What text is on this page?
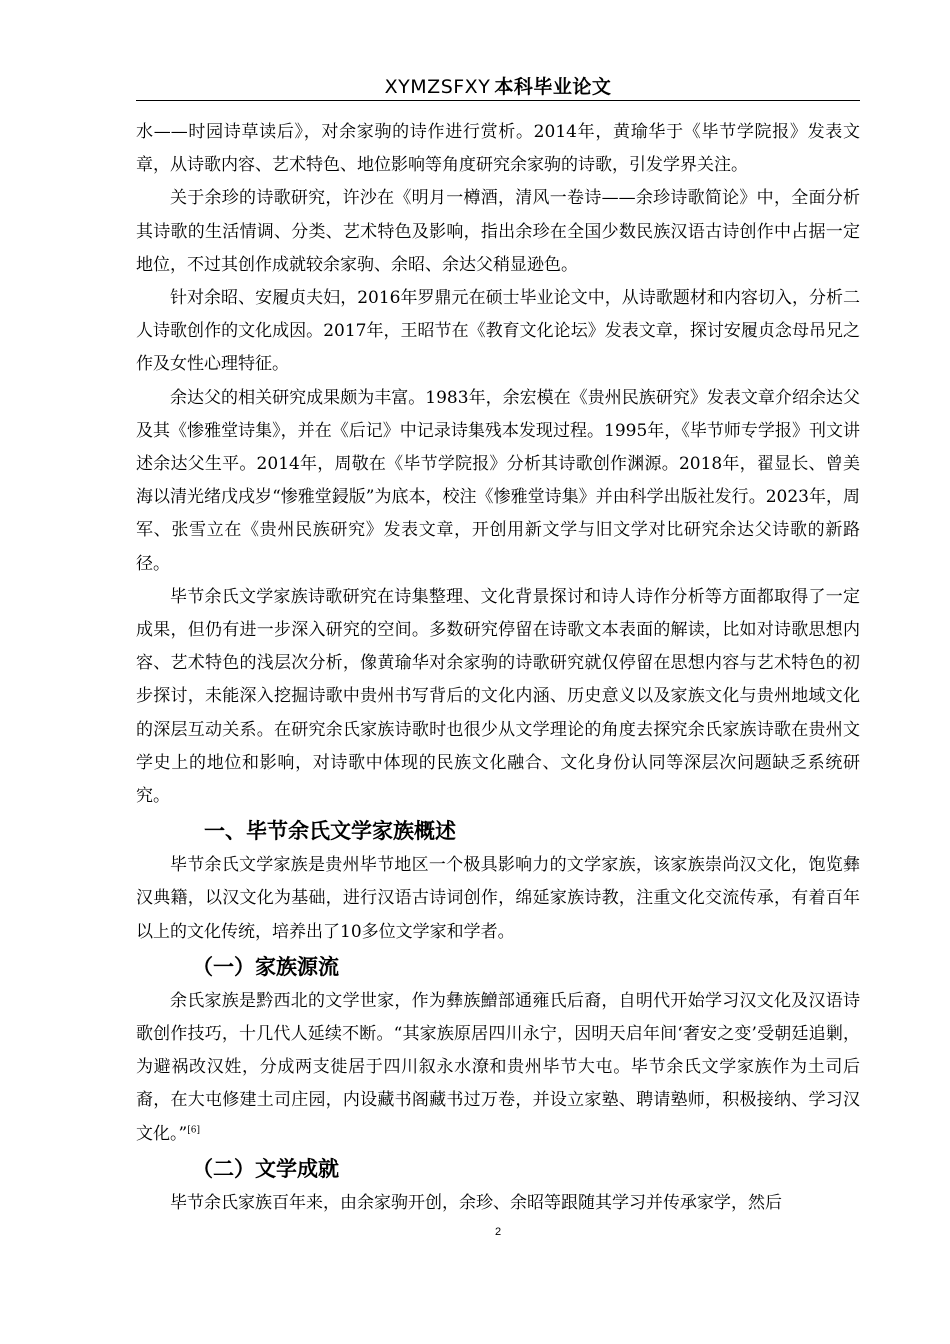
XYMZSFXY 本科毕业论文

水——时园诗草读后》，对余家驹的诗作进行赏析。2014年，黄瑜华于《毕节学院报》发表文章，从诗歌内容、艺术特色、地位影响等角度研究余家驹的诗歌，引发学界关注。

关于余珍的诗歌研究，许沙在《明月一樽酒，清风一卷诗——余珍诗歌简论》中，全面分析其诗歌的生活情调、分类、艺术特色及影响，指出余珍在全国少数民族汉语古诗创作中占据一定地位，不过其创作成就较余家驹、余昭、余达父稍显逊色。

针对余昭、安履贞夫妇，2016年罗鼎元在硕士毕业论文中，从诗歌题材和内容切入，分析二人诗歌创作的文化成因。2017年，王昭节在《教育文化论坛》发表文章，探讨安履贞念母吊兄之作及女性心理特征。

余达父的相关研究成果颇为丰富。1983年，余宏模在《贵州民族研究》发表文章介绍余达父及其《惨雅堂诗集》，并在《后记》中记录诗集残本发现过程。1995年，《毕节师专学报》刊文讲述余达父生平。2014年，周敬在《毕节学院报》分析其诗歌创作渊源。2018年，翟显长、曾美海以清光绪戊戌岁“惨雅堂鋟版”为底本，校注《惨雅堂诗集》并由科学出版社发行。2023年，周军、张雪立在《贵州民族研究》发表文章，开创用新文学与旧文学对比研究余达父诗歌的新路径。

毕节余氏文学家族诗歌研究在诗集整理、文化背景探讨和诗人诗作分析等方面都取得了一定成果，但仍有进一步深入研究的空间。多数研究停留在诗歌文本表面的解读，比如对诗歌思想内容、艺术特色的浅层次分析，像黄瑜华对余家驹的诗歌研究就仅停留在思想内容与艺术特色的初步探讨，未能深入挖掘诗歌中贵州书写背后的文化内涵、历史意义以及家族文化与贵州地域文化的深层互动关系。在研究余氏家族诗歌时也很少从文学理论的角度去探究余氏家族诗歌在贵州文学史上的地位和影响，对诗歌中体现的民族文化融合、文化身份认同等深层次问题缺乏系统研究。

一、毕节余氏文学家族概述

毕节余氏文学家族是贵州毕节地区一个极具影响力的文学家族，该家族崇尚汉文化，饱览彝汉典籍，以汉文化为基础，进行汉语古诗词创作，绵延家族诗教，注重文化交流传承，有着百年以上的文化传统，培养出了10多位文学家和学者。

（一）家族源流

余氏家族是黔西北的文学世家，作为彝族鱛部通雍氏后裔，自明代开始学习汉文化及汉语诗歌创作技巧，十几代人延续不断。“其家族原居四川永宁，因明天启年间‘奢安之变’受朝廷追剿，为避祸改汉姓，分成两支徙居于四川叙永水潦和贵州毕节大屯。毕节余氏文学家族作为土司后裔，在大屯修建土司庄园，内设藏书阁藏书过万卷，并设立家塾、聘请塾师，积极接纳、学习汉文化。”[6]

（二）文学成就

毕节余氏家族百年来，由余家驹开创，余珍、余昭等跟随其学习并传承家学，然后

2
